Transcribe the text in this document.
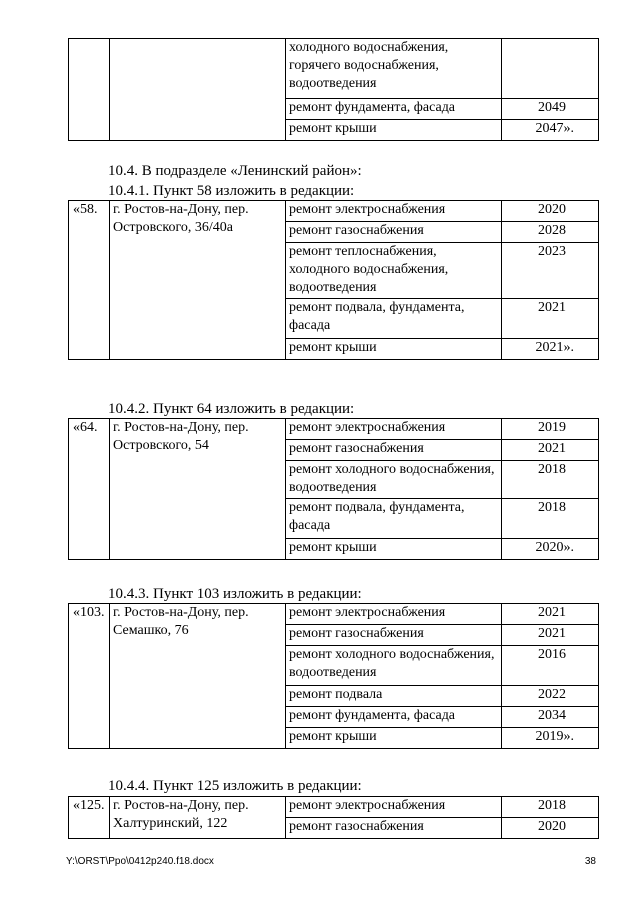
		холодного водоснабжения, горячего водоснабжения, водоотведения	
		ремонт фундамента, фасада	2049
		ремонт крыши	2047».
10.4. В подразделе «Ленинский район»:
10.4.1. Пункт 58 изложить в редакции:
«58.	г. Ростов-на-Дону, пер. Островского, 36/40а	ремонт электроснабжения	2020
		ремонт газоснабжения	2028
		ремонт теплоснабжения, холодного водоснабжения, водоотведения	2023
		ремонт подвала, фундамента, фасада	2021
		ремонт крыши	2021».
10.4.2. Пункт 64 изложить в редакции:
«64.	г. Ростов-на-Дону, пер. Островского, 54	ремонт электроснабжения	2019
		ремонт газоснабжения	2021
		ремонт холодного водоснабжения, водоотведения	2018
		ремонт подвала, фундамента, фасада	2018
		ремонт крыши	2020».
10.4.3. Пункт 103 изложить в редакции:
«103.	г. Ростов-на-Дону, пер. Семашко, 76	ремонт электроснабжения	2021
		ремонт газоснабжения	2021
		ремонт холодного водоснабжения, водоотведения	2016
		ремонт подвала	2022
		ремонт фундамента, фасада	2034
		ремонт крыши	2019».
10.4.4. Пункт 125 изложить в редакции:
«125.	г. Ростов-на-Дону, пер. Халтуринский, 122	ремонт электроснабжения	2018
		ремонт газоснабжения	2020
Y:\ORST\Ppo\0412p240.f18.docx	38
